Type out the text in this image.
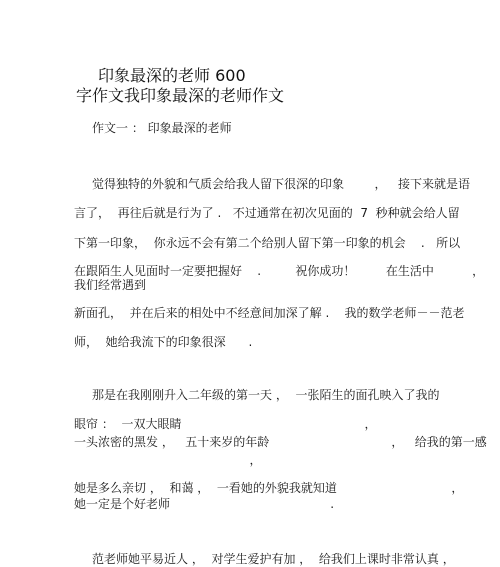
印象最深的老师 600
字作文我印象最深的老师作文
作文一 ： 印象最深的老师
觉得独特的外貌和气质会给我人留下很深的印象        ，   接下来就是语
言了，  再往后就是行为了 .   不过通常在初次见面的  7  秒种就会给人留
下第一印象，  你永远不会有第二个给别人留下第一印象的机会    .   所以
在跟陌生人见面时一定要把握好    .         祝你成功！        在生活中          ，
我们经常遇到
新面孔，  并在后来的相处中不经意间加深了解 .    我的数学老师－－范老
师，  她给我流下的印象很深      .
那是在我刚刚升入二年级的第一天 ，  一张陌生的面孔映入了我的
眼帘 ：  一双大眼睛                                                ，
一头浓密的黑发 ，   五十来岁的年龄                                ，   给我的第一感
，
她是多么亲切 ，  和蔼 ，  一看她的外貌我就知道                              ，
她一定是个好老师                                          .
范老师她平易近人 ，  对学生爱护有加 ，  给我们上课时非常认真 ，
